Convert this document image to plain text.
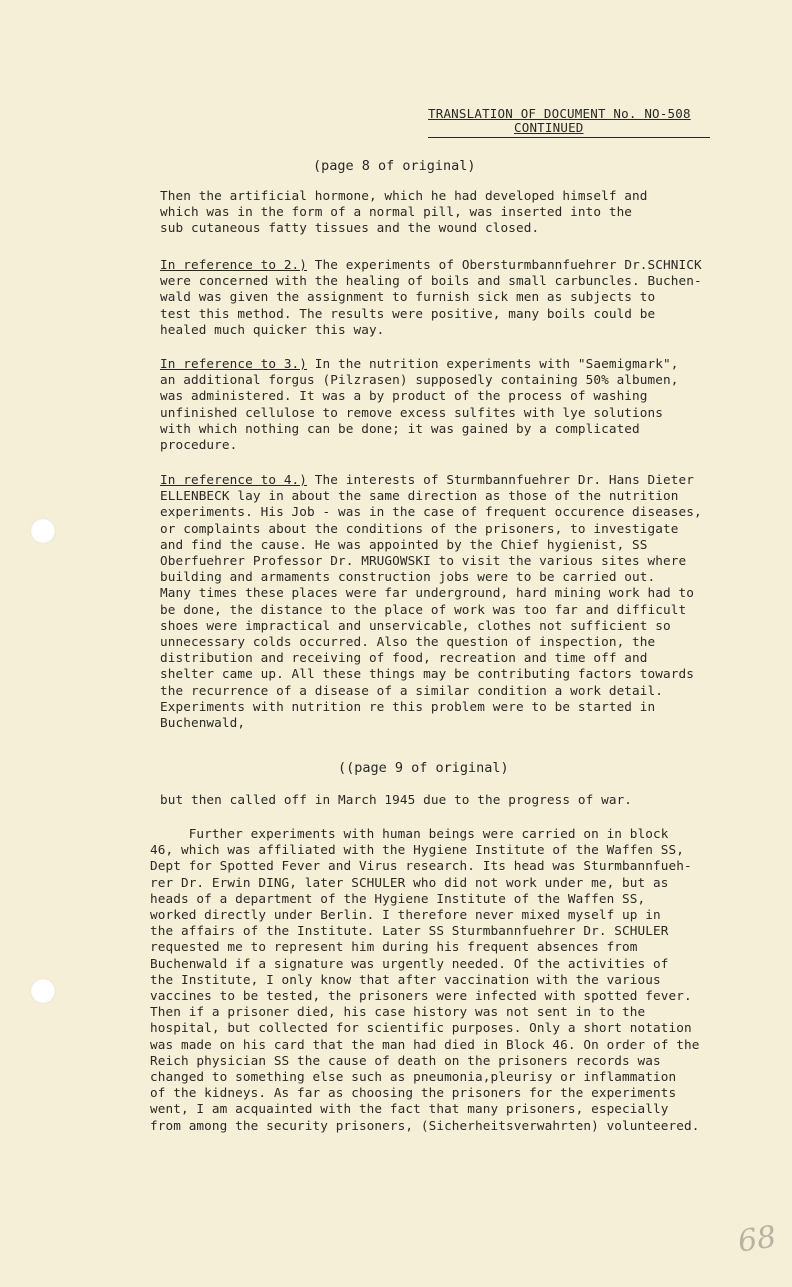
TRANSLATION OF DOCUMENT No. NO-508
CONTINUED
(page 8 of original)
Then the artificial hormone, which he had developed himself and
which was in the form of a normal pill, was inserted into the
sub cutaneous fatty tissues and the wound closed.
In reference to 2.) The experiments of Obersturmbannfuehrer Dr.SCHNICK
were concerned with the healing of boils and small carbuncles. Buchen-
wald was given the assignment to furnish sick men as subjects to
test this method. The results were positive, many boils could be
healed much quicker this way.
In reference to 3.) In the nutrition experiments with "Saemigmark",
an additional forgus (Pilzrasen) supposedly containing 50% albumen,
was administered. It was a by product of the process of washing
unfinished cellulose to remove excess sulfites with lye solutions
with which nothing can be done; it was gained by a complicated
procedure.
In reference to 4.) The interests of Sturmbannfuehrer Dr. Hans Dieter
ELLENBECK lay in about the same direction as those of the nutrition
experiments. His Job - was in the case of frequent occurence diseases,
or complaints about the conditions of the prisoners, to investigate
and find the cause. He was appointed by the Chief hygienist, SS
Oberfuehrer Professor Dr. MRUGOWSKI to visit the various sites where
building and armaments construction jobs were to be carried out.
Many times these places were far underground, hard mining work had to
be done, the distance to the place of work was too far and difficult
shoes were impractical and unservicable, clothes not sufficient so
unnecessary colds occurred. Also the question of inspection, the
distribution and receiving of food, recreation and time off and
shelter came up. All these things may be contributing factors towards
the recurrence of a disease of a similar condition a work detail.
Experiments with nutrition re this problem were to be started in
Buchenwald,
((page 9 of original)
but then called off in March 1945 due to the progress of war.
Further experiments with human beings were carried on in block
46, which was affiliated with the Hygiene Institute of the Waffen SS,
Dept for Spotted Fever and Virus research. Its head was Sturmbannfueh-
rer Dr. Erwin DING, later SCHULER who did not work under me, but as
heads of a department of the Hygiene Institute of the Waffen SS,
worked directly under Berlin. I therefore never mixed myself up in
the affairs of the Institute. Later SS Sturmbannfuehrer Dr. SCHULER
requested me to represent him during his frequent absences from
Buchenwald if a signature was urgently needed. Of the activities of
the Institute, I only know that after vaccination with the various
vaccines to be tested, the prisoners were infected with spotted fever.
Then if a prisoner died, his case history was not sent in to the
hospital, but collected for scientific purposes. Only a short notation
was made on his card that the man had died in Block 46. On order of the
Reich physician SS the cause of death on the prisoners records was
changed to something else such as pneumonia,pleurisy or inflammation
of the kidneys. As far as choosing the prisoners for the experiments
went, I am acquainted with the fact that many prisoners, especially
from among the security prisoners, (Sicherheitsverwahrten) volunteered.
68
